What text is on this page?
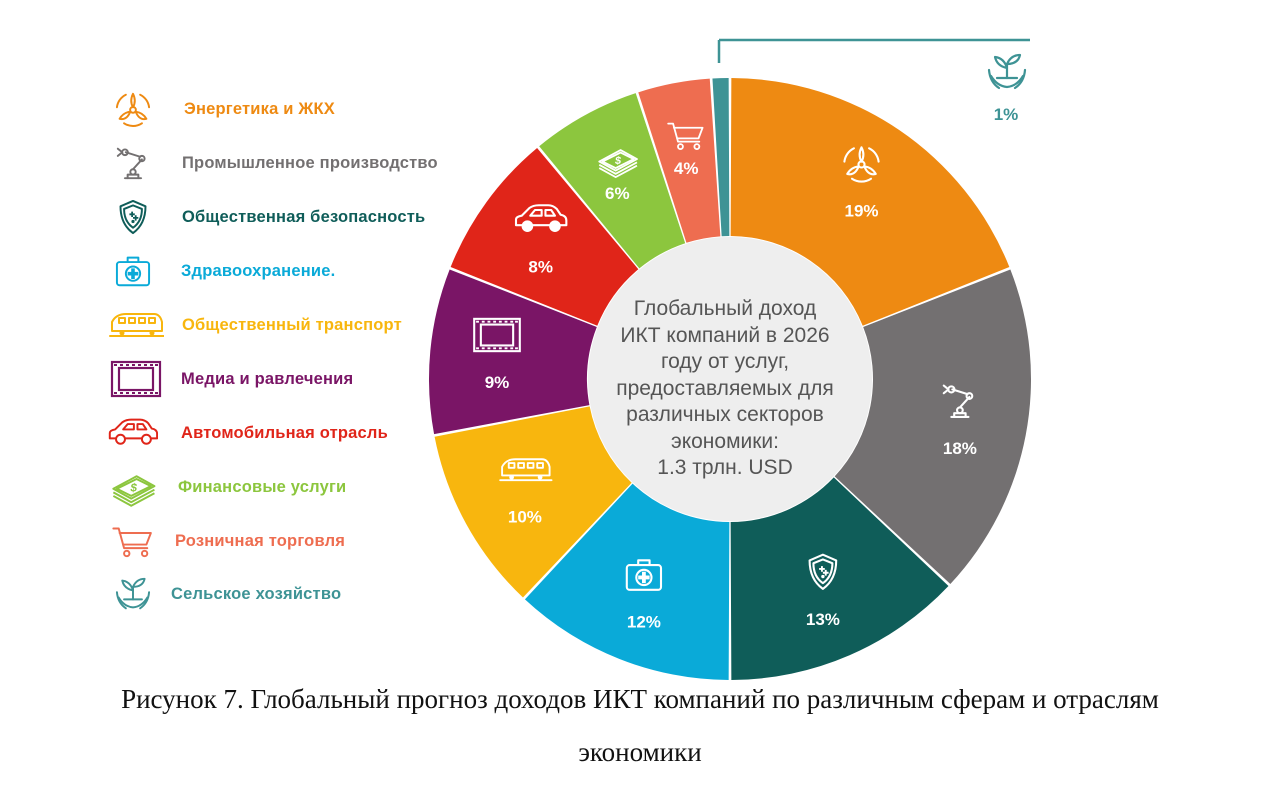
19%
18%
13%
12%
10%
9%
8%
$
6%
4%
1%
Глобальный доход
ИКТ компаний в 2026
году от услуг,
предоставляемых для
различных секторов
экономики:
1.3 трлн. USD
Энергетика и ЖКХ
Промышленное производство
Общественная безопасность
Здравоохранение.
Общественный транспорт
Медиа и равлечения
Автомобильная отрасль
$ Финансовые услуги
Розничная торговля
Сельское хозяйство
Рисунок 7. Глобальный прогноз доходов ИКТ компаний по различным сферам и отраслям
экономики
